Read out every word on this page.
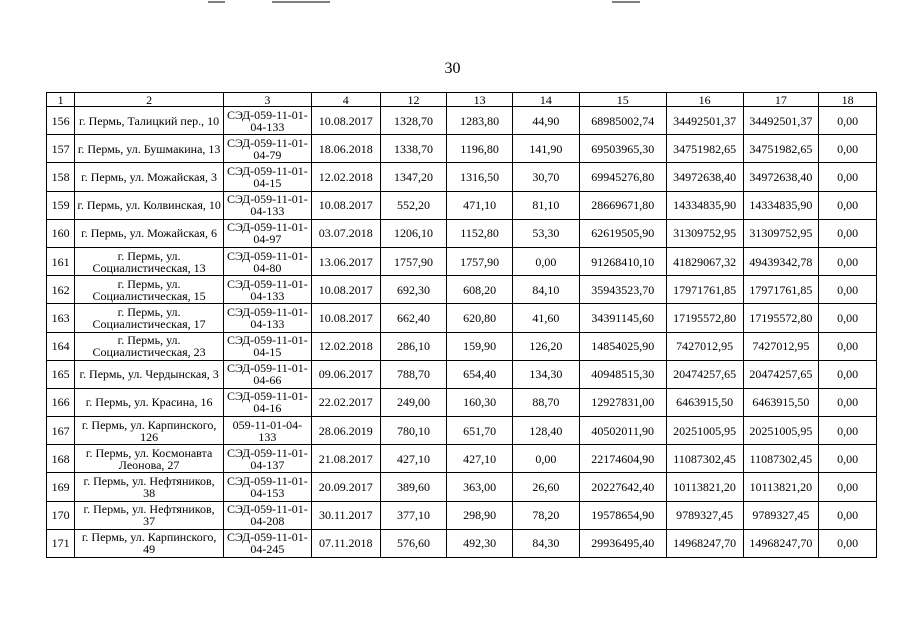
30
1	2	3	4	12	13	14	15	16	17	18
156	г. Пермь, Талицкий пер., 10	СЭД-059-11-01-04-133	10.08.2017	1328,70	1283,80	44,90	68985002,74	34492501,37	34492501,37	0,00
157	г. Пермь, ул. Бушмакина, 13	СЭД-059-11-01-04-79	18.06.2018	1338,70	1196,80	141,90	69503965,30	34751982,65	34751982,65	0,00
158	г. Пермь, ул. Можайская, 3	СЭД-059-11-01-04-15	12.02.2018	1347,20	1316,50	30,70	69945276,80	34972638,40	34972638,40	0,00
159	г. Пермь, ул. Колвинская, 10	СЭД-059-11-01-04-133	10.08.2017	552,20	471,10	81,10	28669671,80	14334835,90	14334835,90	0,00
160	г. Пермь, ул. Можайская, 6	СЭД-059-11-01-04-97	03.07.2018	1206,10	1152,80	53,30	62619505,90	31309752,95	31309752,95	0,00
161	г. Пермь, ул. Социалистическая, 13	СЭД-059-11-01-04-80	13.06.2017	1757,90	1757,90	0,00	91268410,10	41829067,32	49439342,78	0,00
162	г. Пермь, ул. Социалистическая, 15	СЭД-059-11-01-04-133	10.08.2017	692,30	608,20	84,10	35943523,70	17971761,85	17971761,85	0,00
163	г. Пермь, ул. Социалистическая, 17	СЭД-059-11-01-04-133	10.08.2017	662,40	620,80	41,60	34391145,60	17195572,80	17195572,80	0,00
164	г. Пермь, ул. Социалистическая, 23	СЭД-059-11-01-04-15	12.02.2018	286,10	159,90	126,20	14854025,90	7427012,95	7427012,95	0,00
165	г. Пермь, ул. Чердынская, 3	СЭД-059-11-01-04-66	09.06.2017	788,70	654,40	134,30	40948515,30	20474257,65	20474257,65	0,00
166	г. Пермь, ул. Красина, 16	СЭД-059-11-01-04-16	22.02.2017	249,00	160,30	88,70	12927831,00	6463915,50	6463915,50	0,00
167	г. Пермь, ул. Карпинского, 126	059-11-01-04-133	28.06.2019	780,10	651,70	128,40	40502011,90	20251005,95	20251005,95	0,00
168	г. Пермь, ул. Космонавта Леонова, 27	СЭД-059-11-01-04-137	21.08.2017	427,10	427,10	0,00	22174604,90	11087302,45	11087302,45	0,00
169	г. Пермь, ул. Нефтяников, 38	СЭД-059-11-01-04-153	20.09.2017	389,60	363,00	26,60	20227642,40	10113821,20	10113821,20	0,00
170	г. Пермь, ул. Нефтяников, 37	СЭД-059-11-01-04-208	30.11.2017	377,10	298,90	78,20	19578654,90	9789327,45	9789327,45	0,00
171	г. Пермь, ул. Карпинского, 49	СЭД-059-11-01-04-245	07.11.2018	576,60	492,30	84,30	29936495,40	14968247,70	14968247,70	0,00
